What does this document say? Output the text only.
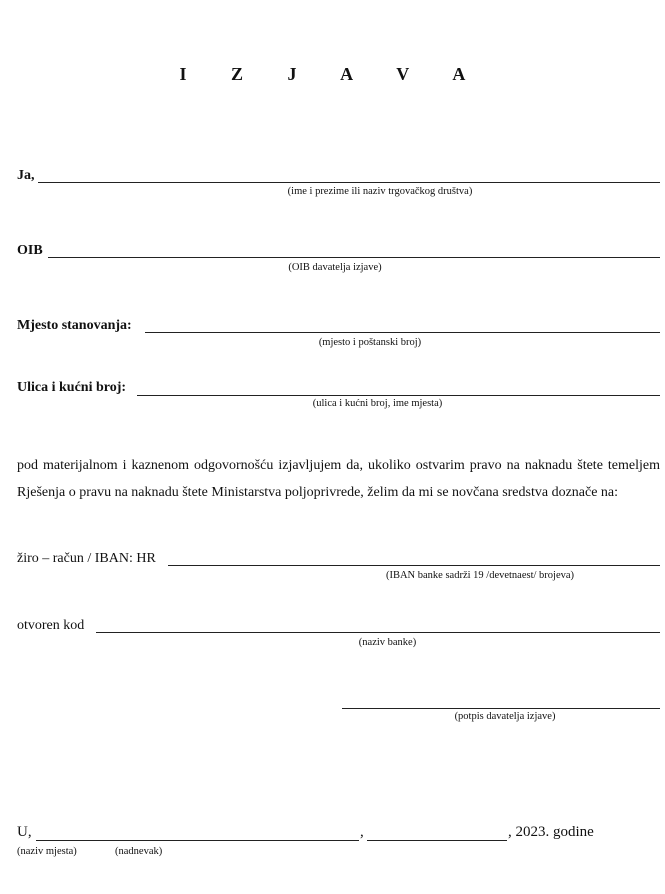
I Z J A V A
Ja,
(ime i prezime ili naziv trgovačkog društva)
OIB
(OIB davatelja izjave)
Mjesto stanovanja:
(mjesto i poštanski broj)
Ulica i kućni broj:
(ulica i kućni broj, ime mjesta)
pod materijalnom i kaznenom odgovornošću izjavljujem da, ukoliko ostvarim pravo na naknadu štete temeljem Rješenja o pravu na naknadu štete Ministarstva poljoprivrede, želim da mi se novčana sredstva doznače na:
žiro – račun / IBAN: HR
(IBAN banke sadrži 19 /devetnaest/ brojeva)
otvoren kod
(naziv banke)
(potpis davatelja izjave)
U,	,	, 2023. godine
(naziv mjesta)	(nadnevak)
